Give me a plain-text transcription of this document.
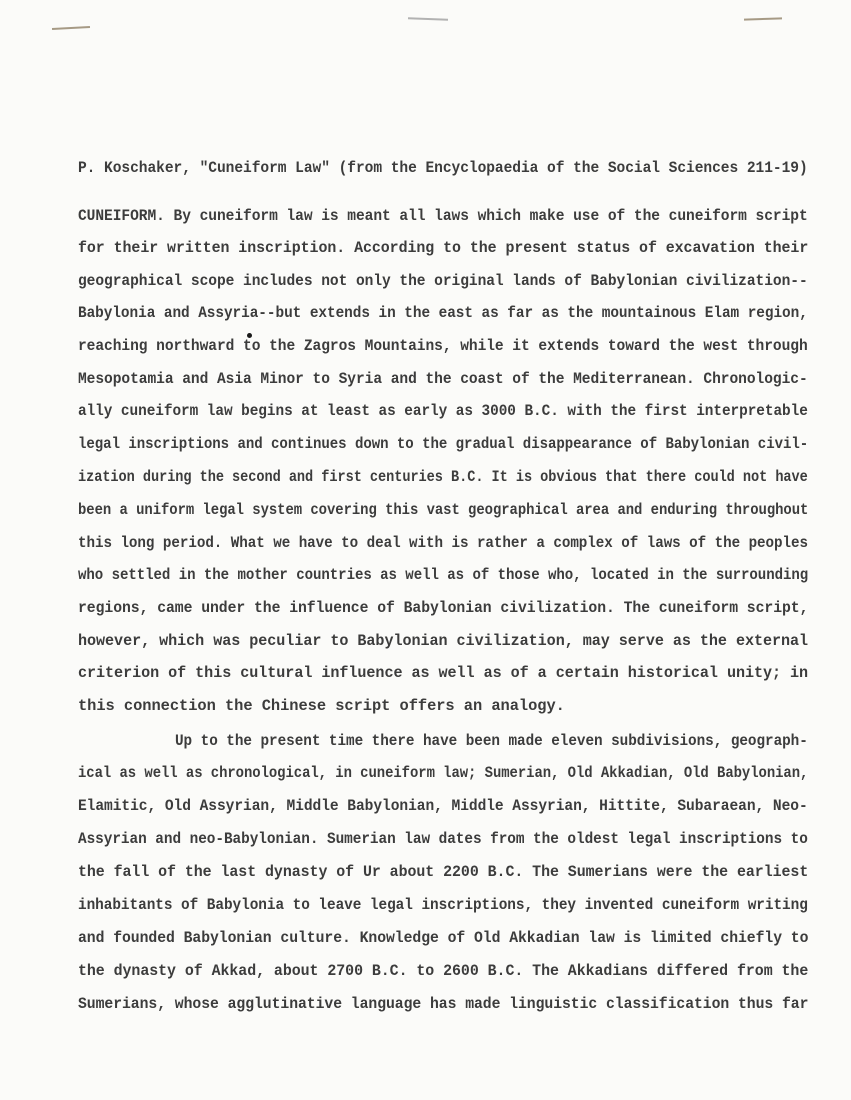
P. Koschaker, "Cuneiform Law" (from the Encyclopaedia of the Social Sciences 211-19)
CUNEIFORM. By cuneiform law is meant all laws which make use of the cuneiform script
for their written inscription. According to the present status of excavation their
geographical scope includes not only the original lands of Babylonian civilization--
Babylonia and Assyria--but extends in the east as far as the mountainous Elam region,
reaching northward to the Zagros Mountains, while it extends toward the west through
Mesopotamia and Asia Minor to Syria and the coast of the Mediterranean. Chronologic-
ally cuneiform law begins at least as early as 3000 B.C. with the first interpretable
legal inscriptions and continues down to the gradual disappearance of Babylonian civil-
ization during the second and first centuries B.C. It is obvious that there could not have
been a uniform legal system covering this vast geographical area and enduring throughout
this long period. What we have to deal with is rather a complex of laws of the peoples
who settled in the mother countries as well as of those who, located in the surrounding
regions, came under the influence of Babylonian civilization. The cuneiform script,
however, which was peculiar to Babylonian civilization, may serve as the external
criterion of this cultural influence as well as of a certain historical unity; in
this connection the Chinese script offers an analogy.
Up to the present time there have been made eleven subdivisions, geograph-
ical as well as chronological, in cuneiform law; Sumerian, Old Akkadian, Old Babylonian,
Elamitic, Old Assyrian, Middle Babylonian, Middle Assyrian, Hittite, Subaraean, Neo-
Assyrian and neo-Babylonian. Sumerian law dates from the oldest legal inscriptions to
the fall of the last dynasty of Ur about 2200 B.C. The Sumerians were the earliest
inhabitants of Babylonia to leave legal inscriptions, they invented cuneiform writing
and founded Babylonian culture. Knowledge of Old Akkadian law is limited chiefly to
the dynasty of Akkad, about 2700 B.C. to 2600 B.C. The Akkadians differed from the
Sumerians, whose agglutinative language has made linguistic classification thus far
